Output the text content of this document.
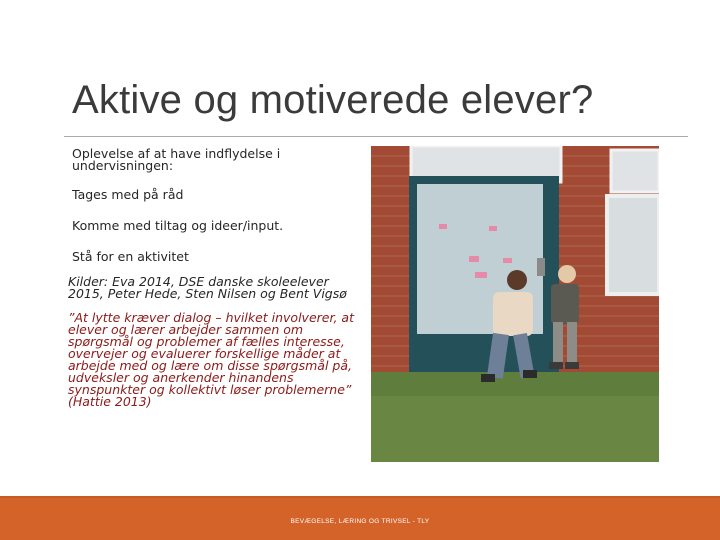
Aktive og motiverede elever?
Oplevelse af at have indflydelse i undervisningen:
Tages med på råd
Komme med tiltag og ideer/input.
Stå for en aktivitet
Kilder: Eva 2014, DSE danske skoleelever 2015, Peter Hede, Sten Nilsen og Bent Vigsø
”At lytte kræver dialog – hvilket involverer, at elever og lærer arbejder sammen om spørgsmål og problemer af fælles interesse, overvejer og evaluerer forskellige måder at arbejde med og lære om disse spørgsmål på, udveksler og anerkender hinandens synspunkter og kollektivt løser problemerne” (Hattie 2013)
BEVÆGELSE, LÆRING OG TRIVSEL - TLY
